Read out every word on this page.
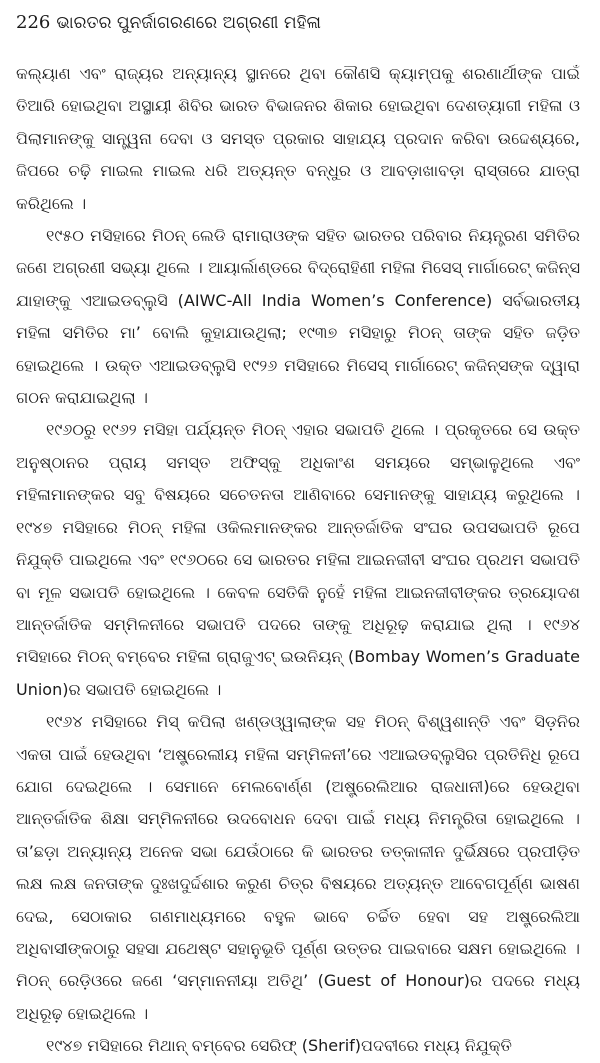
226 ଭାରତର ପୁନର୍ଜାଗରଣରେ ଅଗ୍ରଣୀ ମହିଳା

କଲ୍ୟାଣ ଏବଂ ରାଜ୍ୟର ଅନ୍ୟାନ୍ୟ ସ୍ଥାନରେ ଥିବା କୌଣସି କ୍ୟାମ୍ପକୁ ଶରଣାର୍ଥୀଙ୍କ ପାଇଁ ତିଆରି ହୋଇଥିବା ଅସ୍ଥାୟୀ ଶିବିର ଭାରତ ବିଭାଜନର ଶିକାର ହୋଇଥିବା ଦେଶତ୍ୟାଗୀ ମହିଳା ଓ ପିଲାମାନଙ୍କୁ ସାନ୍ତ୍ୱନା ଦେବା ଓ ସମସ୍ତ ପ୍ରକାର ସାହାଯ୍ୟ ପ୍ରଦାନ କରିବା ଉଦ୍ଦେଶ୍ୟରେ, ଜିପରେ ଚଢ଼ି ମାଇଲ ମାଇଲ ଧରି ଅତ୍ୟନ୍ତ ବନ୍ଧୁର ଓ ଆବଡ଼ାଖାବଡ଼ା ରାସ୍ତାରେ ଯାତ୍ରା କରିଥିଲେ ।

୧୯୫୦ ମସିହାରେ ମିଠନ୍ ଲେଡି ରାମାରାଓଙ୍କ ସହିତ ଭାରତର ପରିବାର ନିୟନ୍ତ୍ରଣ ସମିତିର ଜଣେ ଅଗ୍ରଣୀ ସଭ୍ୟା ଥିଲେ । ଆୟାର୍ଲାଣ୍ଡରେ ବିଦ୍ରୋହିଣୀ ମହିଳା ମିସେସ୍ ମାର୍ଗାରେଟ୍ କଜିନ୍ସ ଯାହାଙ୍କୁ ଏଆଇଡବ୍ଲୁସି (AIWC-All India Women’s Conference) ସର୍ବଭାରତୀୟ ମହିଳା ସମିତିର ମା’ ବୋଲି କୁହାଯାଉଥିଲା; ୧୯୩୭ ମସିହାରୁ ମିଠନ୍ ତାଙ୍କ ସହିତ ଜଡ଼ିତ ହୋଇଥିଲେ । ଉକ୍ତ ଏଆଇଡବ୍ଲୁସି ୧୯୨୬ ମସିହାରେ ମିସେସ୍ ମାର୍ଗାରେଟ୍ କଜିନ୍ସଙ୍କ ଦ୍ୱାରା ଗଠନ କରାଯାଇଥିଲା ।

୧୯୬୦ରୁ ୧୯୬୨ ମସିହା ପର୍ଯ୍ୟନ୍ତ ମିଠନ୍ ଏହାର ସଭାପତି ଥିଲେ । ପ୍ରକୃତରେ ସେ ଉକ୍ତ ଅନୁଷ୍ଠାନର ପ୍ରାୟ ସମସ୍ତ ଅଫିସ୍‌କୁ ଅଧିକାଂଶ ସମୟରେ ସମ୍ଭାଳୁଥିଲେ ଏବଂ ମହିଳାମାନଙ୍କର ସବୁ ବିଷୟରେ ସଚେତନତା ଆଣିବାରେ ସେମାନଙ୍କୁ ସାହାଯ୍ୟ କରୁଥିଲେ । ୧୯୪୭ ମସିହାରେ ମିଠନ୍ ମହିଳା ଓକିଲମାନଙ୍କର ଆନ୍ତର୍ଜାତିକ ସଂଘର ଉପସଭାପତି ରୂପେ ନିଯୁକ୍ତି ପାଇଥିଲେ ଏବଂ ୧୯୬୦ରେ ସେ ଭାରତର ମହିଳା ଆଇନଜୀବୀ ସଂଘର ପ୍ରଥମ ସଭାପତି ବା ମୂଳ ସଭାପତି ହୋଇଥିଲେ । କେବଳ ସେତିକି ନୁହେଁ ମହିଳା ଆଇନଜୀବୀଙ୍କର ତ୍ରୟୋଦଶ ଆନ୍ତର୍ଜାତିକ ସମ୍ମିଳନୀରେ ସଭାପତି ପଦରେ ତାଙ୍କୁ ଅଧିରୂଢ଼ କରାଯାଇ ଥିଲା । ୧୯୬୪ ମସିହାରେ ମିଠନ୍ ବମ୍ବେର ମହିଳା ଗ୍ରାଜୁଏଟ୍ ଇଉନିୟନ୍ (Bombay Women’s Graduate Union)ର ସଭାପତି ହୋଇଥିଲେ ।

୧୯୬୪ ମସିହାରେ ମିସ୍ କପିଲା ଖଣ୍ଡଓ୍ୱାଲାଙ୍କ ସହ ମିଠନ୍ ବିଶ୍ୱଶାନ୍ତି ଏବଂ ସିଡ଼ନିର ଏକତା ପାଇଁ ହେଉଥିବା ‘ଅଷ୍ଟ୍ରେଲୀୟ ମହିଳା ସମ୍ମିଳନୀ’ରେ ଏଆଇଡବ୍ଲୁସିର ପ୍ରତିନିଧି ରୂପେ ଯୋଗ ଦେଇଥିଲେ । ସେମାନେ ମେଲବୋର୍ଣ୍ଣ (ଅଷ୍ଟ୍ରେଲିଆର ରାଜଧାନୀ)ରେ ହେଉଥିବା ଆନ୍ତର୍ଜାତିକ ଶିକ୍ଷା ସମ୍ମିଳନୀରେ ଉଦବୋଧନ ଦେବା ପାଇଁ ମଧ୍ୟ ନିମନ୍ତ୍ରିତା ହୋଇଥିଲେ । ତା’ଛଡ଼ା ଅନ୍ୟାନ୍ୟ ଅନେକ ସଭା ଯେଉଁଠାରେ କି ଭାରତର ତତ୍କାଳୀନ ଦୁର୍ଭିକ୍ଷରେ ପ୍ରପୀଡ଼ିତ ଲକ୍ଷ ଲକ୍ଷ ଜନତାଙ୍କ ଦୁଃଖଦୁର୍ଦ୍ଦଶାର କରୁଣ ଚିତ୍ର ବିଷୟରେ ଅତ୍ୟନ୍ତ ଆବେଗପୂର୍ଣ୍ଣ ଭାଷଣ ଦେଇ, ସେଠାକାର ଗଣମାଧ୍ୟମରେ ବହୁଳ ଭାବେ ଚର୍ଚ୍ଚିତ ହେବା ସହ ଅଷ୍ଟ୍ରେଲିଆ ଅଧିବାସୀଙ୍କଠାରୁ ସହସା ଯଥେଷ୍ଟ ସହାନୁଭୂତି ପୂର୍ଣ୍ଣ ଉତ୍ତର ପାଇବାରେ ସକ୍ଷମ ହୋଇଥିଲେ । ମିଠନ୍ ରେଡ଼ିଓରେ ଜଣେ ‘ସମ୍ମାନନୀୟା ଅତିଥି’ (Guest of Honour)ର ପଦରେ ମଧ୍ୟ ଅଧିରୂଢ଼ ହୋଇଥିଲେ ।

୧୯୪୭ ମସିହାରେ ମିଥାନ୍ ବମ୍ବେର ସେରିଫ୍ (Sherif)ପଦବୀରେ ମଧ୍ୟ ନିଯୁକ୍ତି
